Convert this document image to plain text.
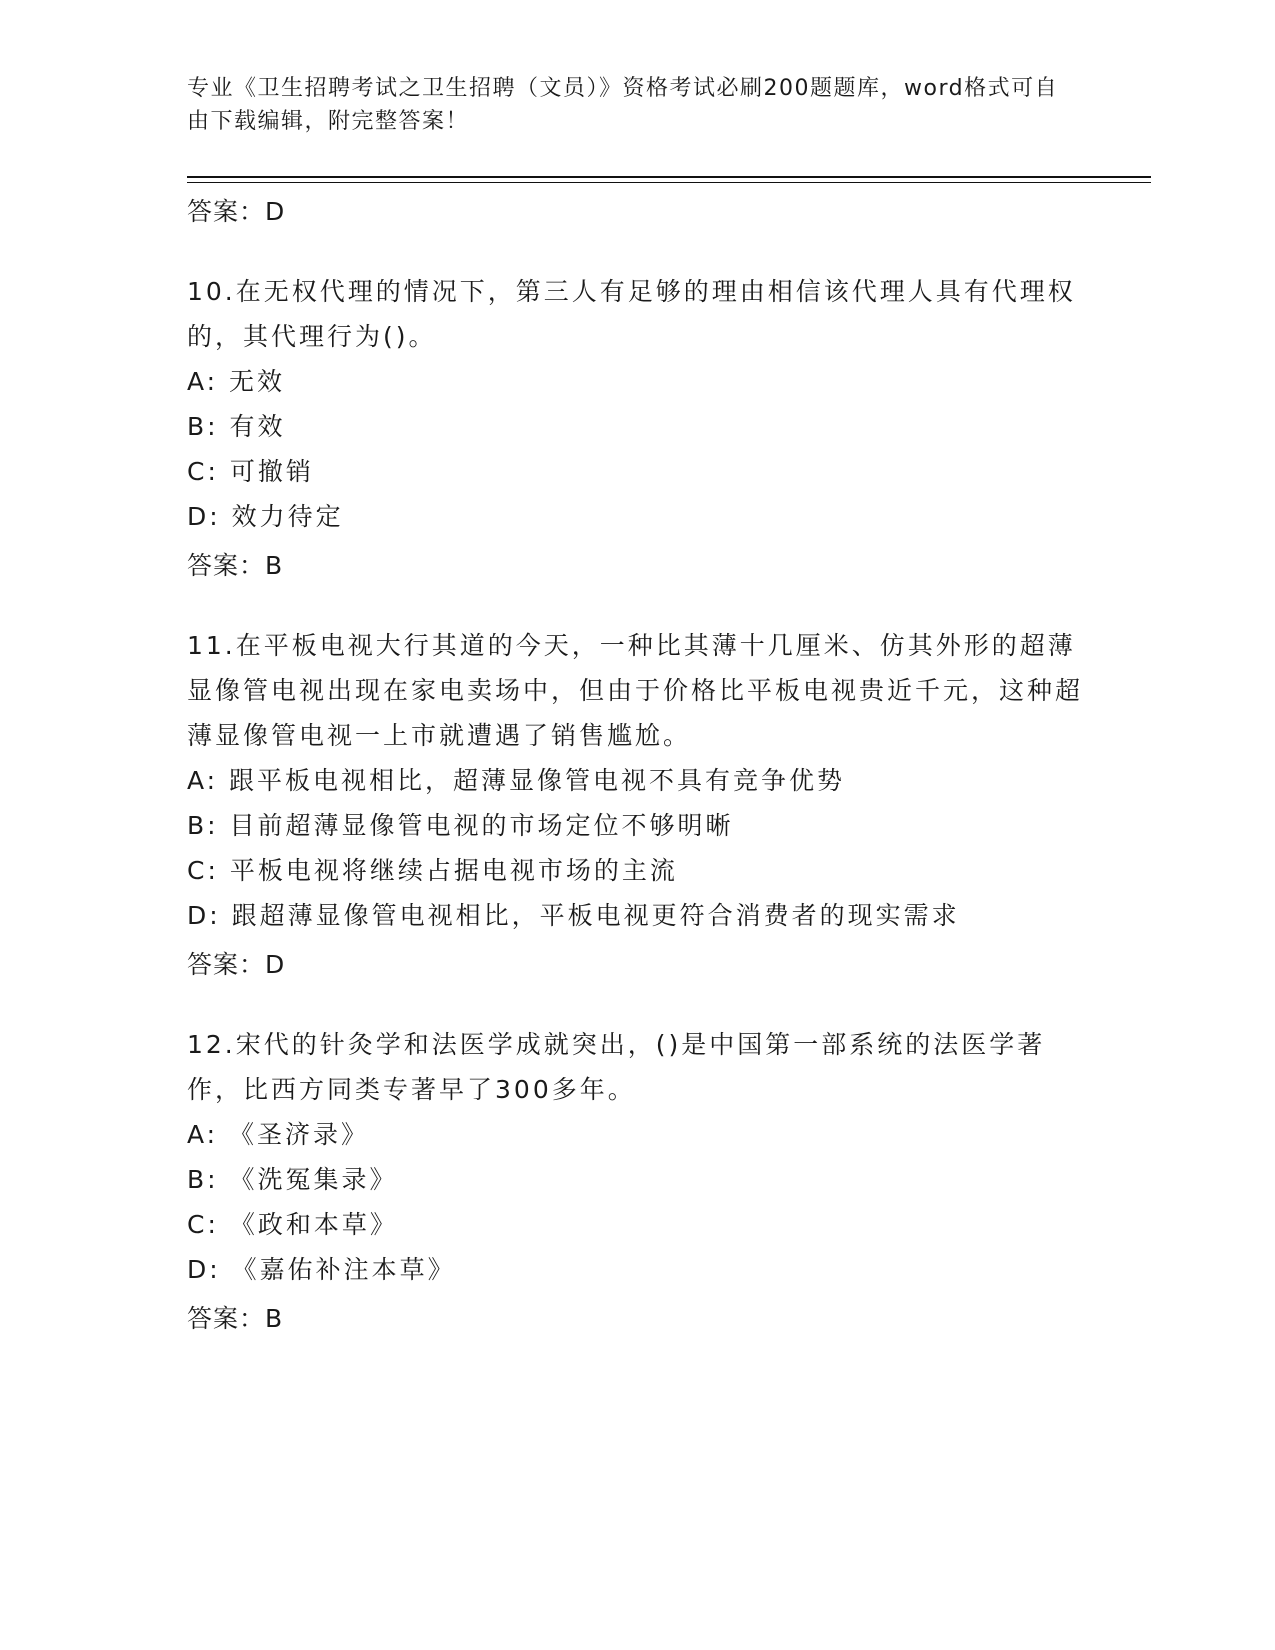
专业《卫生招聘考试之卫生招聘（文员）》资格考试必刷200题题库，word格式可自由下载编辑，附完整答案！
答案：D
10.在无权代理的情况下，第三人有足够的理由相信该代理人具有代理权的，其代理行为()。
A: 无效
B: 有效
C: 可撤销
D: 效力待定
答案：B
11.在平板电视大行其道的今天，一种比其薄十几厘米、仿其外形的超薄显像管电视出现在家电卖场中，但由于价格比平板电视贵近千元，这种超薄显像管电视一上市就遭遇了销售尴尬。
A: 跟平板电视相比，超薄显像管电视不具有竞争优势
B: 目前超薄显像管电视的市场定位不够明晰
C: 平板电视将继续占据电视市场的主流
D: 跟超薄显像管电视相比，平板电视更符合消费者的现实需求
答案：D
12.宋代的针灸学和法医学成就突出，()是中国第一部系统的法医学著作，比西方同类专著早了300多年。
A: 《圣济录》
B: 《洗冤集录》
C: 《政和本草》
D: 《嘉佑补注本草》
答案：B
